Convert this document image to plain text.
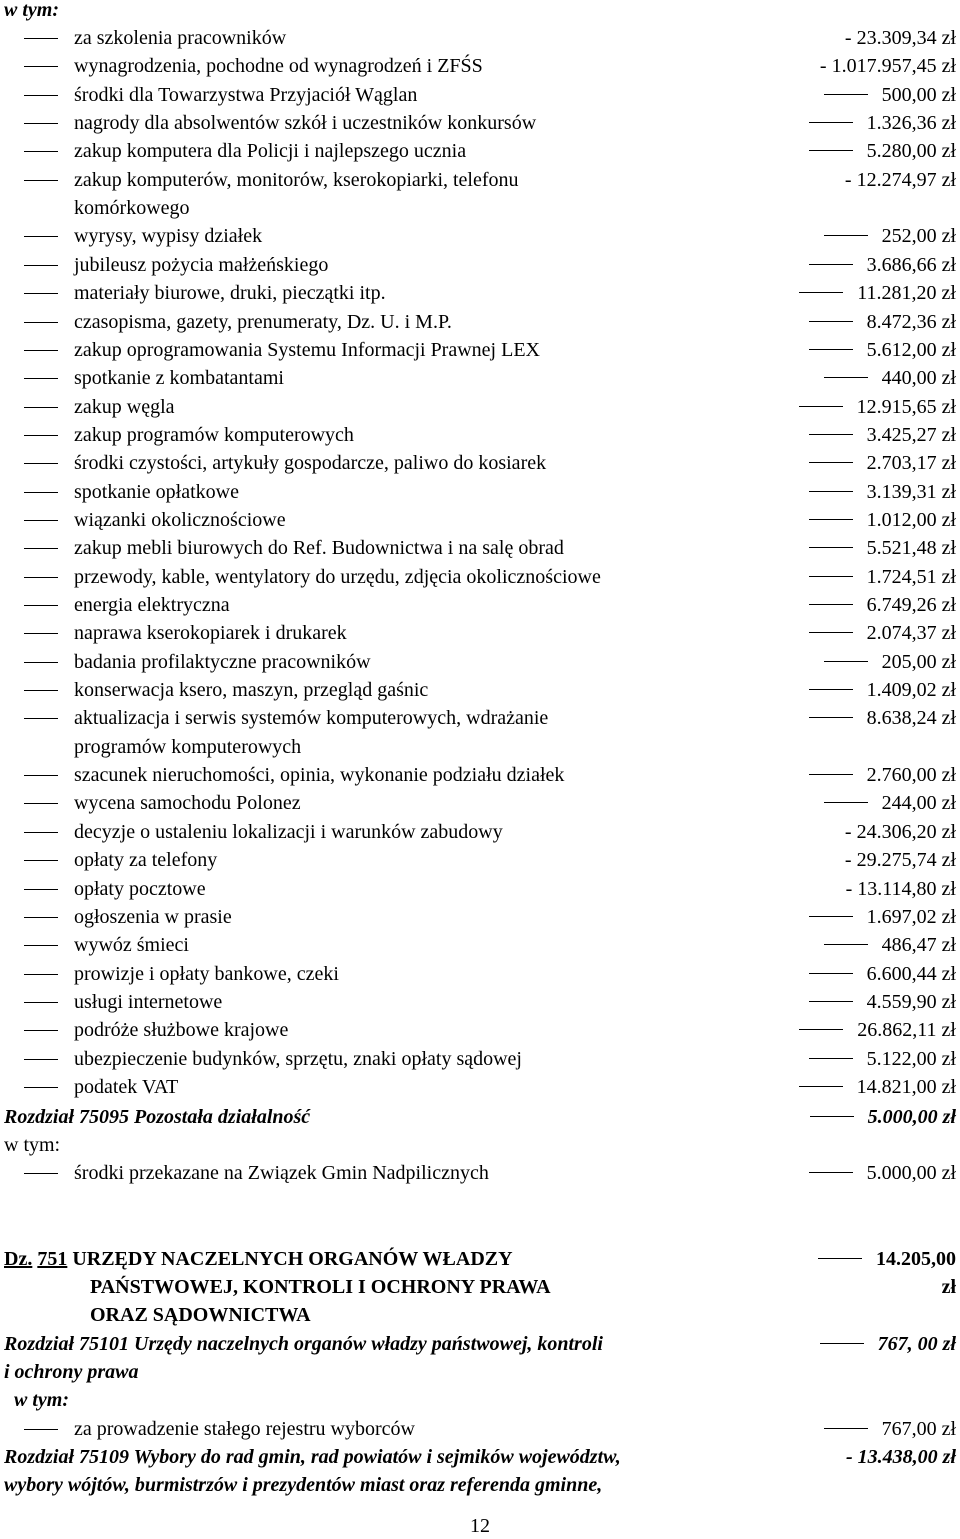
w tym:
za szkolenia pracowników	- 23.309,34 zł
wynagrodzenia, pochodne od wynagrodzeń i ZFŚS	- 1.017.957,45 zł
środki dla Towarzystwa Przyjaciół Wąglan	500,00 zł
nagrody dla absolwentów szkół i uczestników konkursów	1.326,36 zł
zakup komputera dla Policji i najlepszego ucznia	5.280,00 zł
zakup komputerów, monitorów, kserokopiarki, telefonu	- 12.274,97 zł
komórkowego
wyrysy, wypisy działek	252,00 zł
jubileusz pożycia małżeńskiego	3.686,66 zł
materiały biurowe, druki, pieczątki itp.	11.281,20 zł
czasopisma, gazety, prenumeraty, Dz. U. i M.P.	8.472,36 zł
zakup oprogramowania Systemu Informacji Prawnej LEX	5.612,00 zł
spotkanie z kombatantami	440,00 zł
zakup węgla	12.915,65 zł
zakup programów komputerowych	3.425,27 zł
środki czystości, artykuły gospodarcze, paliwo do kosiarek	2.703,17 zł
spotkanie opłatkowe	3.139,31 zł
wiązanki okolicznościowe	1.012,00 zł
zakup mebli biurowych do Ref. Budownictwa i na salę obrad	5.521,48 zł
przewody, kable, wentylatory do urzędu, zdjęcia okolicznościowe	1.724,51 zł
energia elektryczna	6.749,26 zł
naprawa kserokopiarek i drukarek	2.074,37 zł
badania profilaktyczne pracowników	205,00 zł
konserwacja ksero, maszyn, przegląd gaśnic	1.409,02 zł
aktualizacja i serwis systemów komputerowych, wdrażanie	8.638,24 zł
programów komputerowych
szacunek nieruchomości, opinia, wykonanie podziału działek	2.760,00 zł
wycena samochodu Polonez	244,00 zł
decyzje o ustaleniu lokalizacji i warunków zabudowy	- 24.306,20 zł
opłaty za telefony	- 29.275,74 zł
opłaty pocztowe	- 13.114,80 zł
ogłoszenia w prasie	1.697,02 zł
wywóz śmieci	486,47 zł
prowizje i opłaty bankowe, czeki	6.600,44 zł
usługi internetowe	4.559,90 zł
podróże służbowe krajowe	26.862,11 zł
ubezpieczenie budynków, sprzętu, znaki opłaty sądowej	5.122,00 zł
podatek VAT	14.821,00 zł
Rozdział 75095 Pozostała działalność	5.000,00 zł
w tym:
środki przekazane na Związek Gmin Nadpilicznych	5.000,00 zł
Dz. 751 URZĘDY NACZELNYCH ORGANÓW WŁADZY	14.205,00
PAŃSTWOWEJ, KONTROLI I OCHRONY PRAWA	zł
ORAZ SĄDOWNICTWA
Rozdział 75101 Urzędy naczelnych organów władzy państwowej, kontroli	767, 00 zł
i ochrony prawa
w tym:
za prowadzenie stałego rejestru wyborców	767,00 zł
Rozdział 75109 Wybory do rad gmin, rad powiatów i sejmików województw,	- 13.438,00 zł
wybory wójtów, burmistrzów i prezydentów miast oraz referenda gminne,
12
